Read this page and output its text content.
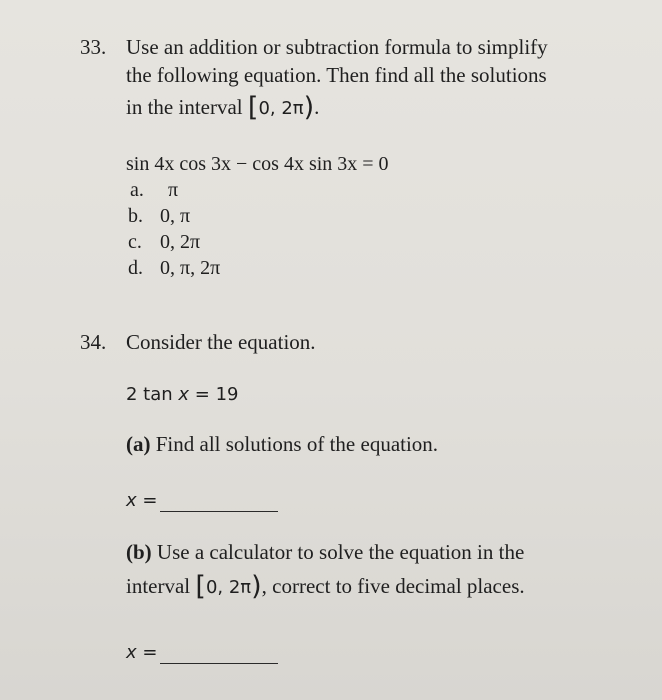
33. Use an addition or subtraction formula to simplify
the following equation. Then find all the solutions
in the interval [0, 2π).
sin 4x cos 3x − cos 4x sin 3x = 0
a. π
b. 0, π
c. 0, 2π
d. 0, π, 2π
34. Consider the equation.
2 tan x = 19
(a) Find all solutions of the equation.
x =
(b) Use a calculator to solve the equation in the
interval [0, 2π), correct to five decimal places.
x =
